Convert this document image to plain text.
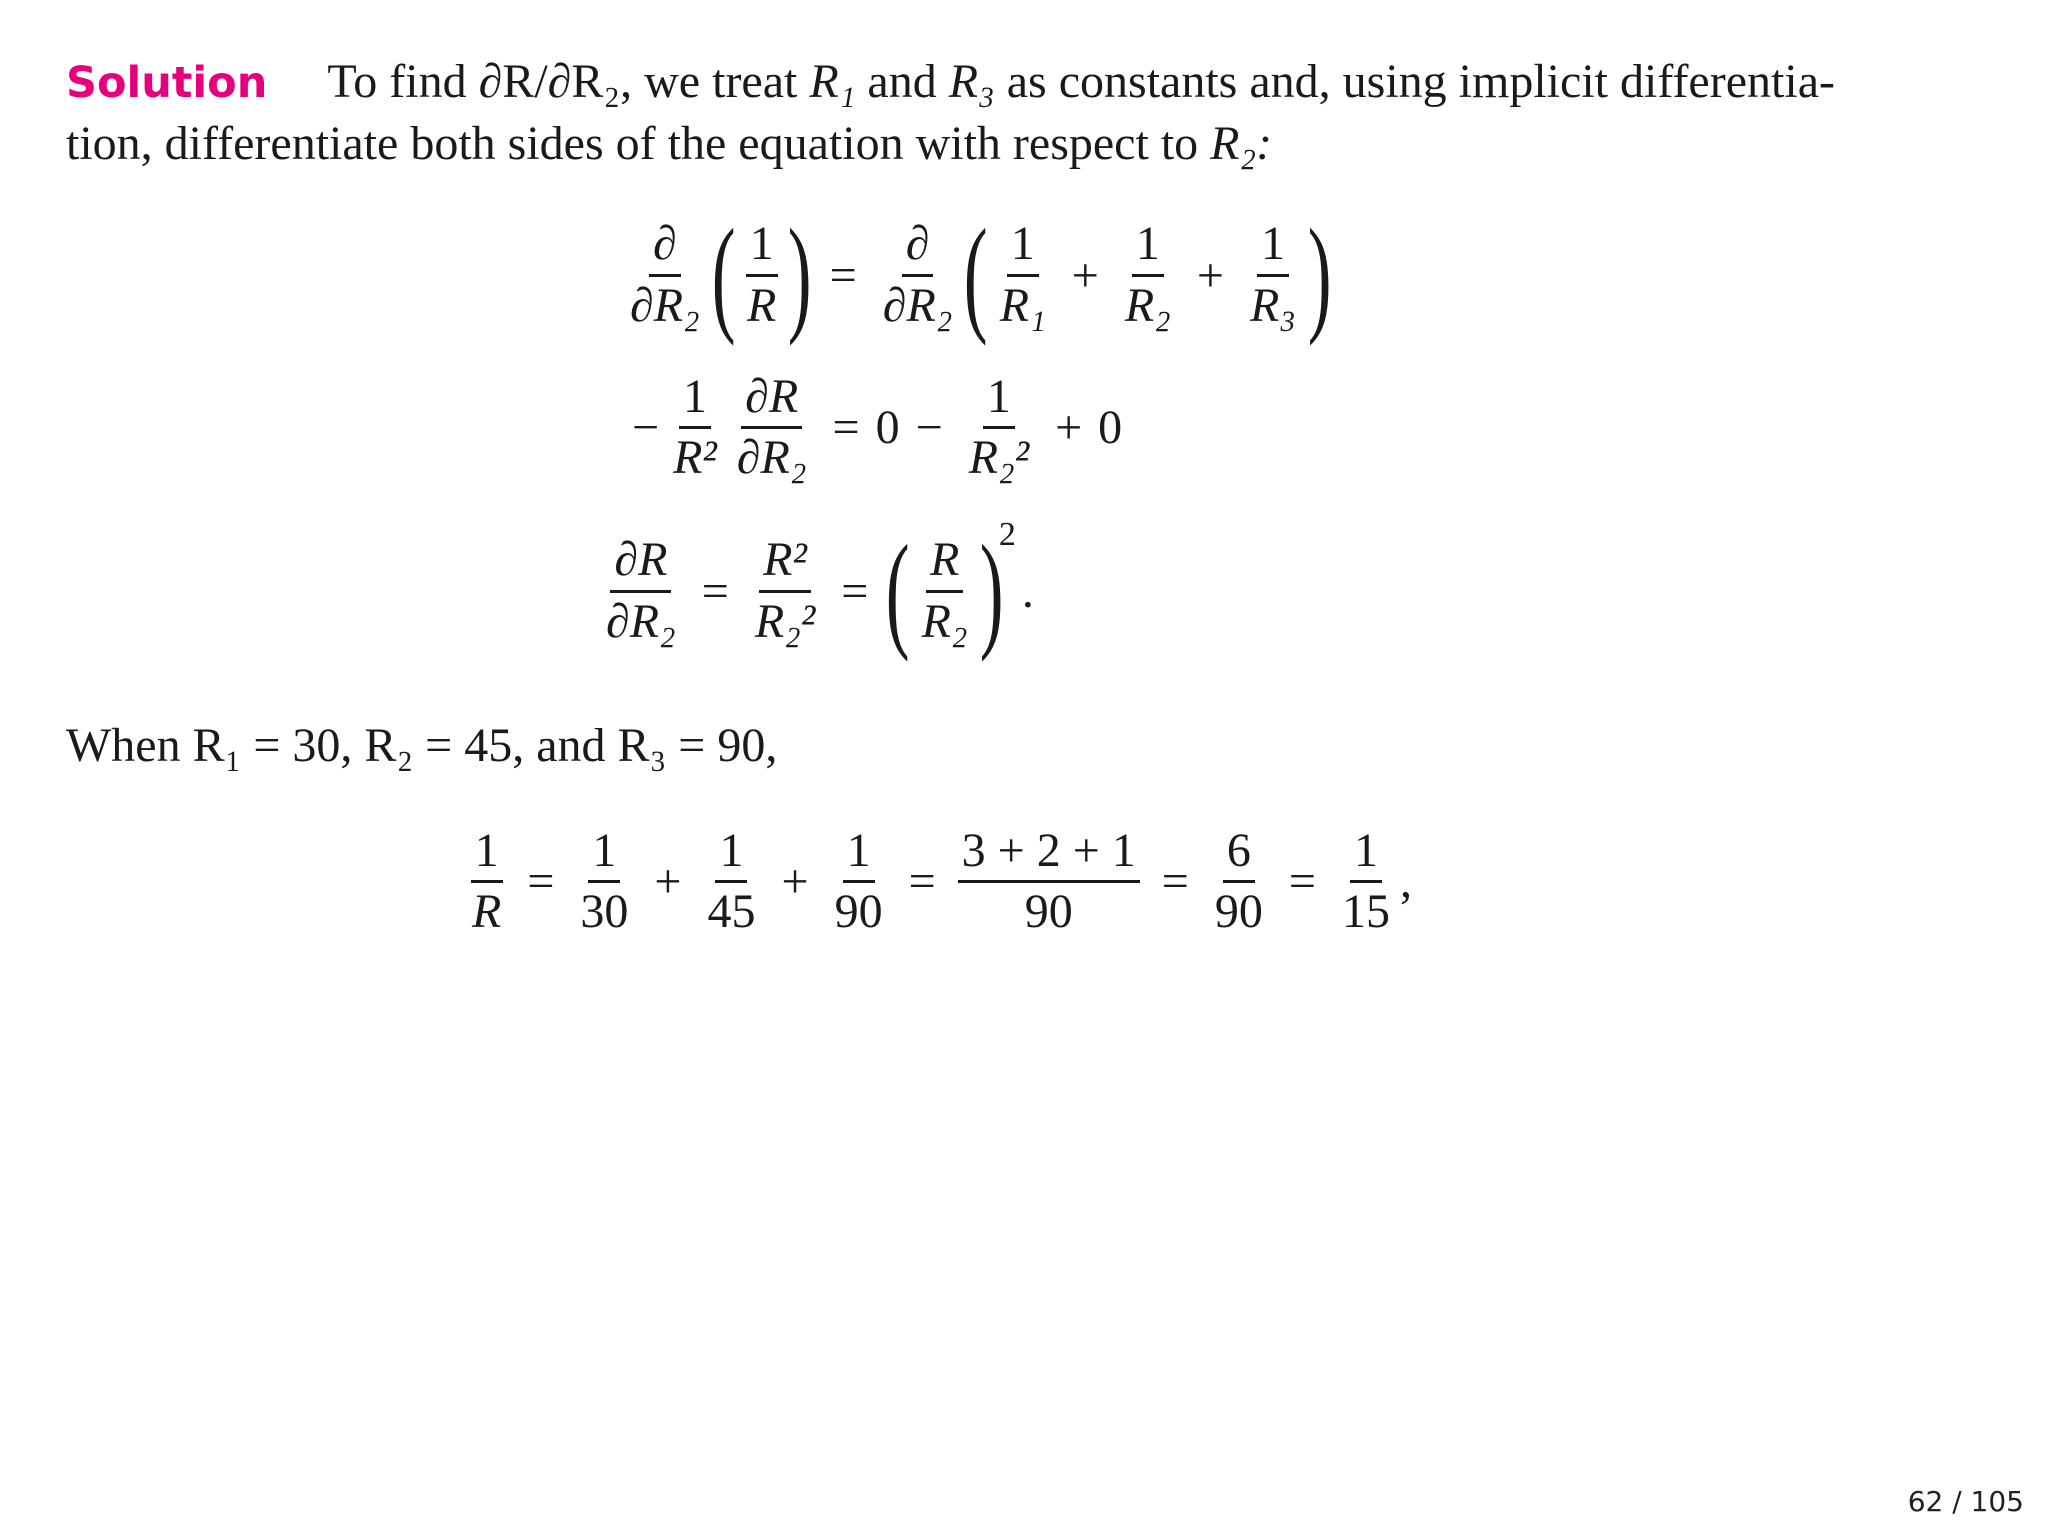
Solution To find ∂R/∂R₂, we treat R₁ and R₃ as constants and, using implicit differentia-
tion, differentiate both sides of the equation with respect to R₂:
$\frac{\partial}{\text{∂R₂}}$ ( $\frac{1}{R}$ ) = $\frac{\partial}{\text{∂R₂}}$ ( $\frac{1}{\text{R₁}} + \frac{1}{\text{R₂}} + \frac{1}{\text{R₃}}$ )
− $\frac{1}{\text{R²}} \frac{\partial R}{\text{∂R₂}} = 0 - \frac{1}{\text{R₂²}} + 0$
$\frac{\partial R}{\text{∂R₂}} = \frac{\text{R²}}{\text{R₂²}}$ = ( $\frac{R}{\text{R₂}}$ )
2
.
When R₁ = 30, R₂ = 45, and R₃ = 90,
$\frac{1}{R} = \frac{1}{30} + \frac{1}{45} + \frac{1}{90} = \frac{3 + 2 + 1}{90} = \frac{6}{90} = \frac{1}{15}$ ,
62 / 105
